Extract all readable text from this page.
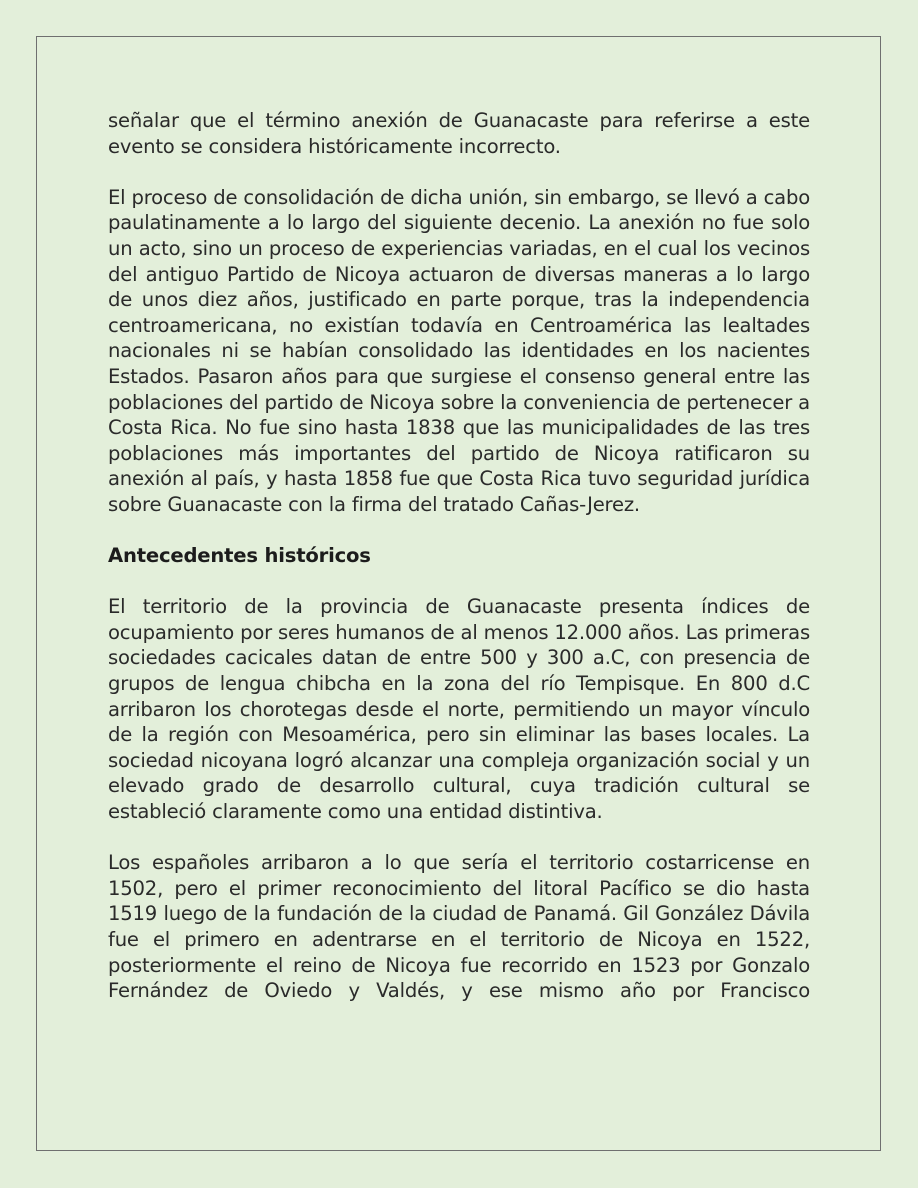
señalar que el término anexión de Guanacaste para referirse a este evento se considera históricamente incorrecto.

El proceso de consolidación de dicha unión, sin embargo, se llevó a cabo paulatinamente a lo largo del siguiente decenio. La anexión no fue solo un acto, sino un proceso de experiencias variadas, en el cual los vecinos del antiguo Partido de Nicoya actuaron de diversas maneras a lo largo de unos diez años, justificado en parte porque, tras la independencia centroamericana, no existían todavía en Centroamérica las lealtades nacionales ni se habían consolidado las identidades en los nacientes Estados. Pasaron años para que surgiese el consenso general entre las poblaciones del partido de Nicoya sobre la conveniencia de pertenecer a Costa Rica. No fue sino hasta 1838 que las municipalidades de las tres poblaciones más importantes del partido de Nicoya ratificaron su anexión al país, y hasta 1858 fue que Costa Rica tuvo seguridad jurídica sobre Guanacaste con la firma del tratado Cañas-Jerez.

Antecedentes históricos

El territorio de la provincia de Guanacaste presenta índices de ocupamiento por seres humanos de al menos 12.000 años. Las primeras sociedades cacicales datan de entre 500 y 300 a.C, con presencia de grupos de lengua chibcha en la zona del río Tempisque. En 800 d.C arribaron los chorotegas desde el norte, permitiendo un mayor vínculo de la región con Mesoamérica, pero sin eliminar las bases locales. La sociedad nicoyana logró alcanzar una compleja organización social y un elevado grado de desarrollo cultural, cuya tradición cultural se estableció claramente como una entidad distintiva.

Los españoles arribaron a lo que sería el territorio costarricense en 1502, pero el primer reconocimiento del litoral Pacífico se dio hasta 1519 luego de la fundación de la ciudad de Panamá. Gil González Dávila fue el primero en adentrarse en el territorio de Nicoya en 1522, posteriormente el reino de Nicoya fue recorrido en 1523 por Gonzalo Fernández de Oviedo y Valdés, y ese mismo año por Francisco
